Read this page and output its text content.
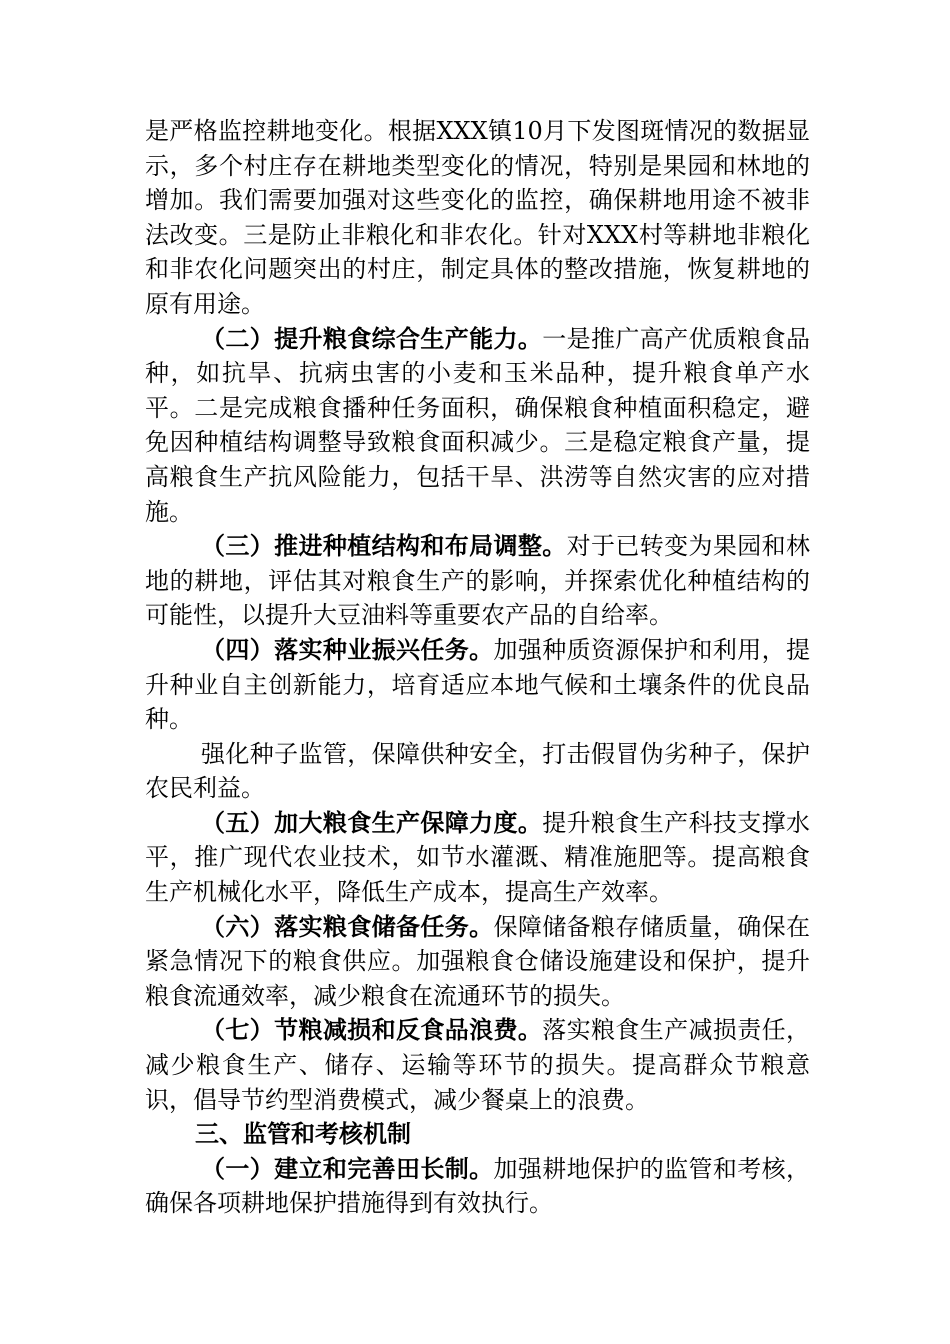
是严格监控耕地变化。根据XXX镇10月下发图斑情况的数据显示，多个村庄存在耕地类型变化的情况，特别是果园和林地的增加。我们需要加强对这些变化的监控，确保耕地用途不被非法改变。三是防止非粮化和非农化。针对XXX村等耕地非粮化和非农化问题突出的村庄，制定具体的整改措施，恢复耕地的原有用途。

（二）提升粮食综合生产能力。一是推广高产优质粮食品种，如抗旱、抗病虫害的小麦和玉米品种，提升粮食单产水平。二是完成粮食播种任务面积，确保粮食种植面积稳定，避免因种植结构调整导致粮食面积减少。三是稳定粮食产量，提高粮食生产抗风险能力，包括干旱、洪涝等自然灾害的应对措施。

（三）推进种植结构和布局调整。对于已转变为果园和林地的耕地，评估其对粮食生产的影响，并探索优化种植结构的可能性，以提升大豆油料等重要农产品的自给率。

（四）落实种业振兴任务。加强种质资源保护和利用，提升种业自主创新能力，培育适应本地气候和土壤条件的优良品种。

强化种子监管，保障供种安全，打击假冒伪劣种子，保护农民利益。

（五）加大粮食生产保障力度。提升粮食生产科技支撑水平，推广现代农业技术，如节水灌溉、精准施肥等。提高粮食生产机械化水平，降低生产成本，提高生产效率。

（六）落实粮食储备任务。保障储备粮存储质量，确保在紧急情况下的粮食供应。加强粮食仓储设施建设和保护，提升粮食流通效率，减少粮食在流通环节的损失。

（七）节粮减损和反食品浪费。落实粮食生产减损责任，减少粮食生产、储存、运输等环节的损失。提高群众节粮意识，倡导节约型消费模式，减少餐桌上的浪费。

三、监管和考核机制

（一）建立和完善田长制。加强耕地保护的监管和考核，确保各项耕地保护措施得到有效执行。
